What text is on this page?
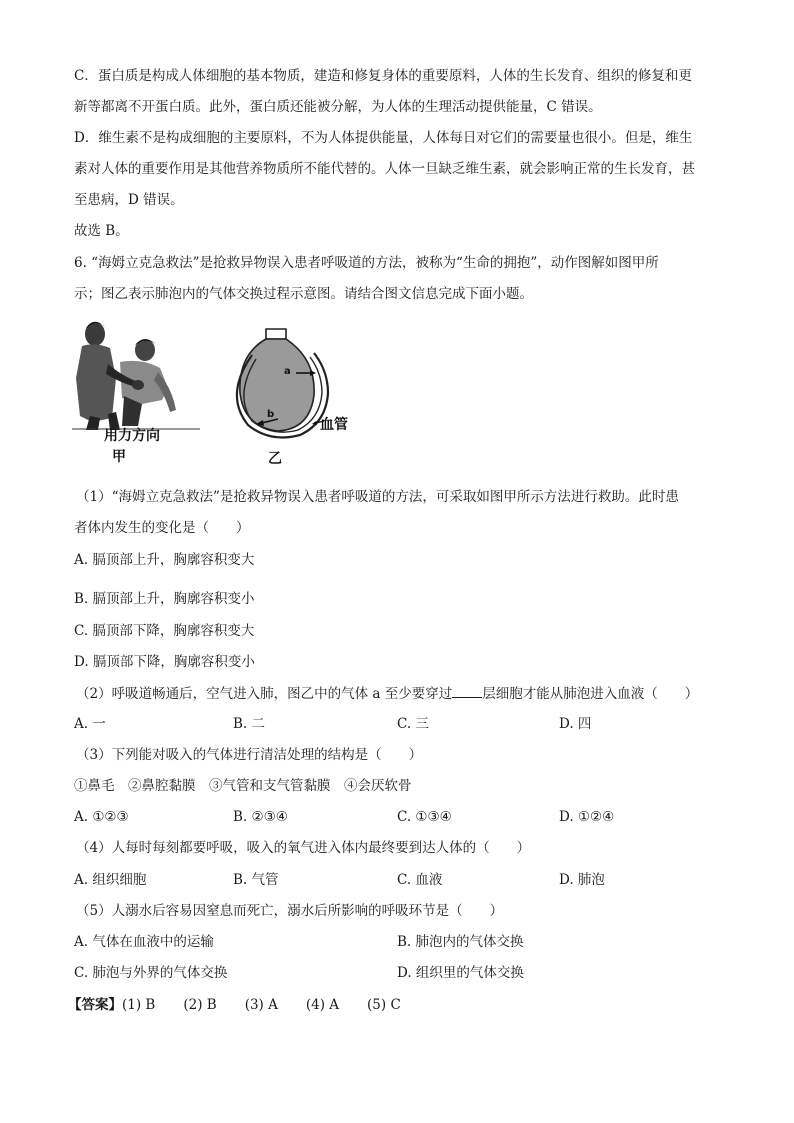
C．蛋白质是构成人体细胞的基本物质，建造和修复身体的重要原料，人体的生长发育、组织的修复和更
新等都离不开蛋白质。此外，蛋白质还能被分解，为人体的生理活动提供能量，C 错误。
D．维生素不是构成细胞的主要原料，不为人体提供能量，人体每日对它们的需要量也很小。但是，维生
素对人体的重要作用是其他营养物质所不能代替的。人体一旦缺乏维生素，就会影响正常的生长发育，甚
至患病，D 错误。
故选 B。
6. “海姆立克急救法”是抢救异物误入患者呼吸道的方法，被称为“生命的拥抱”，动作图解如图甲所
示；图乙表示肺泡内的气体交换过程示意图。请结合图文信息完成下面小题。
用力方向
甲
a
b
血管
乙
（1）“海姆立克急救法”是抢救异物误入患者呼吸道的方法，可采取如图甲所示方法进行救助。此时患
者体内发生的变化是（　　）
A. 膈顶部上升，胸廓容积变大
B. 膈顶部上升，胸廓容积变小
C. 膈顶部下降，胸廓容积变大
D. 膈顶部下降，胸廓容积变小
（2）呼吸道畅通后，空气进入肺，图乙中的气体 a 至少要穿过 层细胞才能从肺泡进入血液（　　）
A. 一	B. 二	C. 三	D. 四
（3）下列能对吸入的气体进行清洁处理的结构是（　　）
①鼻毛　②鼻腔黏膜　③气管和支气管黏膜　④会厌软骨
A. ①②③	B. ②③④	C. ①③④	D. ①②④
（4）人每时每刻都要呼吸，吸入的氧气进入体内最终要到达人体的（　　）
A. 组织细胞	B. 气管	C. 血液	D. 肺泡
（5）人溺水后容易因窒息而死亡，溺水后所影响的呼吸环节是（　　）
A. 气体在血液中的运输	B. 肺泡内的气体交换
C. 肺泡与外界的气体交换	D. 组织里的气体交换
【答案】(1) B (2) B (3) A (4) A (5) C
